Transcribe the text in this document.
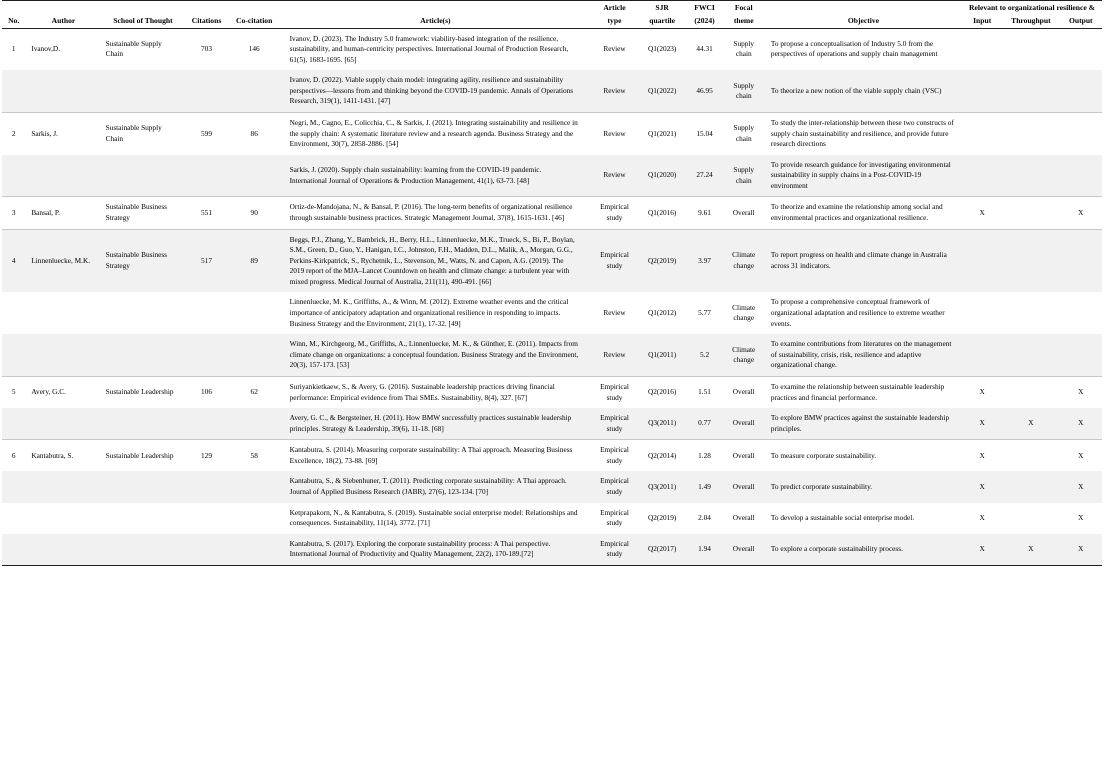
No.	Author	School of Thought	Citations	Co-citation	Article(s)	Article	SJR	FWCI	Focal	Objective	Relevant to organizational resilience &		
						type	quartile	(2024)	theme		Input	Throughput	Output

1	Ivanov,D.	Sustainable Supply Chain	703	146	Ivanov, D. (2023). The Industry 5.0 framework: viability-based integration of the resilience, sustainability, and human-centricity perspectives. International Journal of Production Research, 61(5), 1683-1695. [65]	Review	Q1(2023)	44.31	Supply chain	To propose a conceptualisation of Industry 5.0 from the perspectives of operations and supply chain management			
					Ivanov, D. (2022). Viable supply chain model: integrating agility, resilience and sustainability perspectives—lessons from and thinking beyond the COVID-19 pandemic. Annals of Operations Research, 319(1), 1411-1431. [47]	Review	Q1(2022)	46.95	Supply chain	To theorize a new notion of the viable supply chain (VSC)			
2	Sarkis, J.	Sustainable Supply Chain	599	86	Negri, M., Cagno, E., Colicchia, C., & Sarkis, J. (2021). Integrating sustainability and resilience in the supply chain: A systematic literature review and a research agenda. Business Strategy and the Environment, 30(7), 2858-2886. [54]	Review	Q1(2021)	15.04	Supply chain	To study the inter-relationship between these two constructs of supply chain sustainability and resilience, and provide future research directions			
					Sarkis, J. (2020). Supply chain sustainability: learning from the COVID-19 pandemic. International Journal of Operations & Production Management, 41(1), 63-73. [48]	Review	Q1(2020)	27.24	Supply chain	To provide research guidance for investigating environmental sustainability in supply chains in a Post-COVID-19 environment			
3	Bansal, P.	Sustainable Business Strategy	551	90	Ortiz-de-Mandojana, N., & Bansal, P. (2016). The long-term benefits of organizational resilience through sustainable business practices. Strategic Management Journal, 37(8), 1615-1631. [46]	Empirical study	Q1(2016)	9.61	Overall	To theorize and examine the relationship among social and environmental practices and organizational resilience.	X		X
4	Linnenluecke, M.K.	Sustainable Business Strategy	517	89	Beggs, P.J., Zhang, Y., Bambrick, H., Berry, H.L., Linnenluecke, M.K., Trueck, S., Bi, P., Boylan, S.M., Green, D., Guo, Y., Hanigan, I.C., Johnston, F.H., Madden, D.L., Malik, A., Morgan, G.G., Perkins-Kirkpatrick, S., Rychetnik, L., Stevenson, M., Watts, N. and Capon, A.G. (2019). The 2019 report of the MJA–Lancet Countdown on health and climate change: a turbulent year with mixed progress. Medical Journal of Australia, 211(11), 490-491. [66]	Empirical study	Q2(2019)	3.97	Climate change	To report progress on health and climate change in Australia across 31 indicators.			
					Linnenluecke, M. K., Griffiths, A., & Winn, M. (2012). Extreme weather events and the critical importance of anticipatory adaptation and organizational resilience in responding to impacts. Business Strategy and the Environment, 21(1), 17-32. [49]	Review	Q1(2012)	5.77	Climate change	To propose a comprehensive conceptual framework of organizational adaptation and resilience to extreme weather events.			
					Winn, M., Kirchgeorg, M., Griffiths, A., Linnenluecke, M. K., & Günther, E. (2011). Impacts from climate change on organizations: a conceptual foundation. Business Strategy and the Environment, 20(3), 157-173. [53]	Review	Q1(2011)	5.2	Climate change	To examine contributions from literatures on the management of sustainability, crisis, risk, resilience and adaptive organizational change.			
5	Avery, G.C.	Sustainable Leadership	106	62	Suriyankietkaew, S., & Avery, G. (2016). Sustainable leadership practices driving financial performance: Empirical evidence from Thai SMEs. Sustainability, 8(4), 327. [67]	Empirical study	Q2(2016)	1.51	Overall	To examine the relationship between sustainable leadership practices and financial performance.	X		X
					Avery, G. C., & Bergsteiner, H. (2011). How BMW successfully practices sustainable leadership principles. Strategy & Leadership, 39(6), 11-18. [68]	Empirical study	Q3(2011)	0.77	Overall	To explore BMW practices against the sustainable leadership principles.	X	X	X
6	Kantabutra, S.	Sustainable Leadership	129	58	Kantabutra, S. (2014). Measuring corporate sustainability: A Thai approach. Measuring Business Excellence, 18(2), 73-88. [69]	Empirical study	Q2(2014)	1.28	Overall	To measure corporate sustainability.	X		X
					Kantabutra, S., & Siebenhuner, T. (2011). Predicting corporate sustainability: A Thai approach. Journal of Applied Business Research (JABR), 27(6), 123-134. [70]	Empirical study	Q3(2011)	1.49	Overall	To predict corporate sustainability.	X		X
					Ketprapakorn, N., & Kantabutra, S. (2019). Sustainable social enterprise model: Relationships and consequences. Sustainability, 11(14), 3772. [71]	Empirical study	Q2(2019)	2.04	Overall	To develop a sustainable social enterprise model.	X		X
					Kantabutra, S. (2017). Exploring the corporate sustainability process: A Thai perspective. International Journal of Productivity and Quality Management, 22(2), 170-189.[72]	Empirical study	Q2(2017)	1.94	Overall	To explore a corporate sustainability process.	X	X	X
